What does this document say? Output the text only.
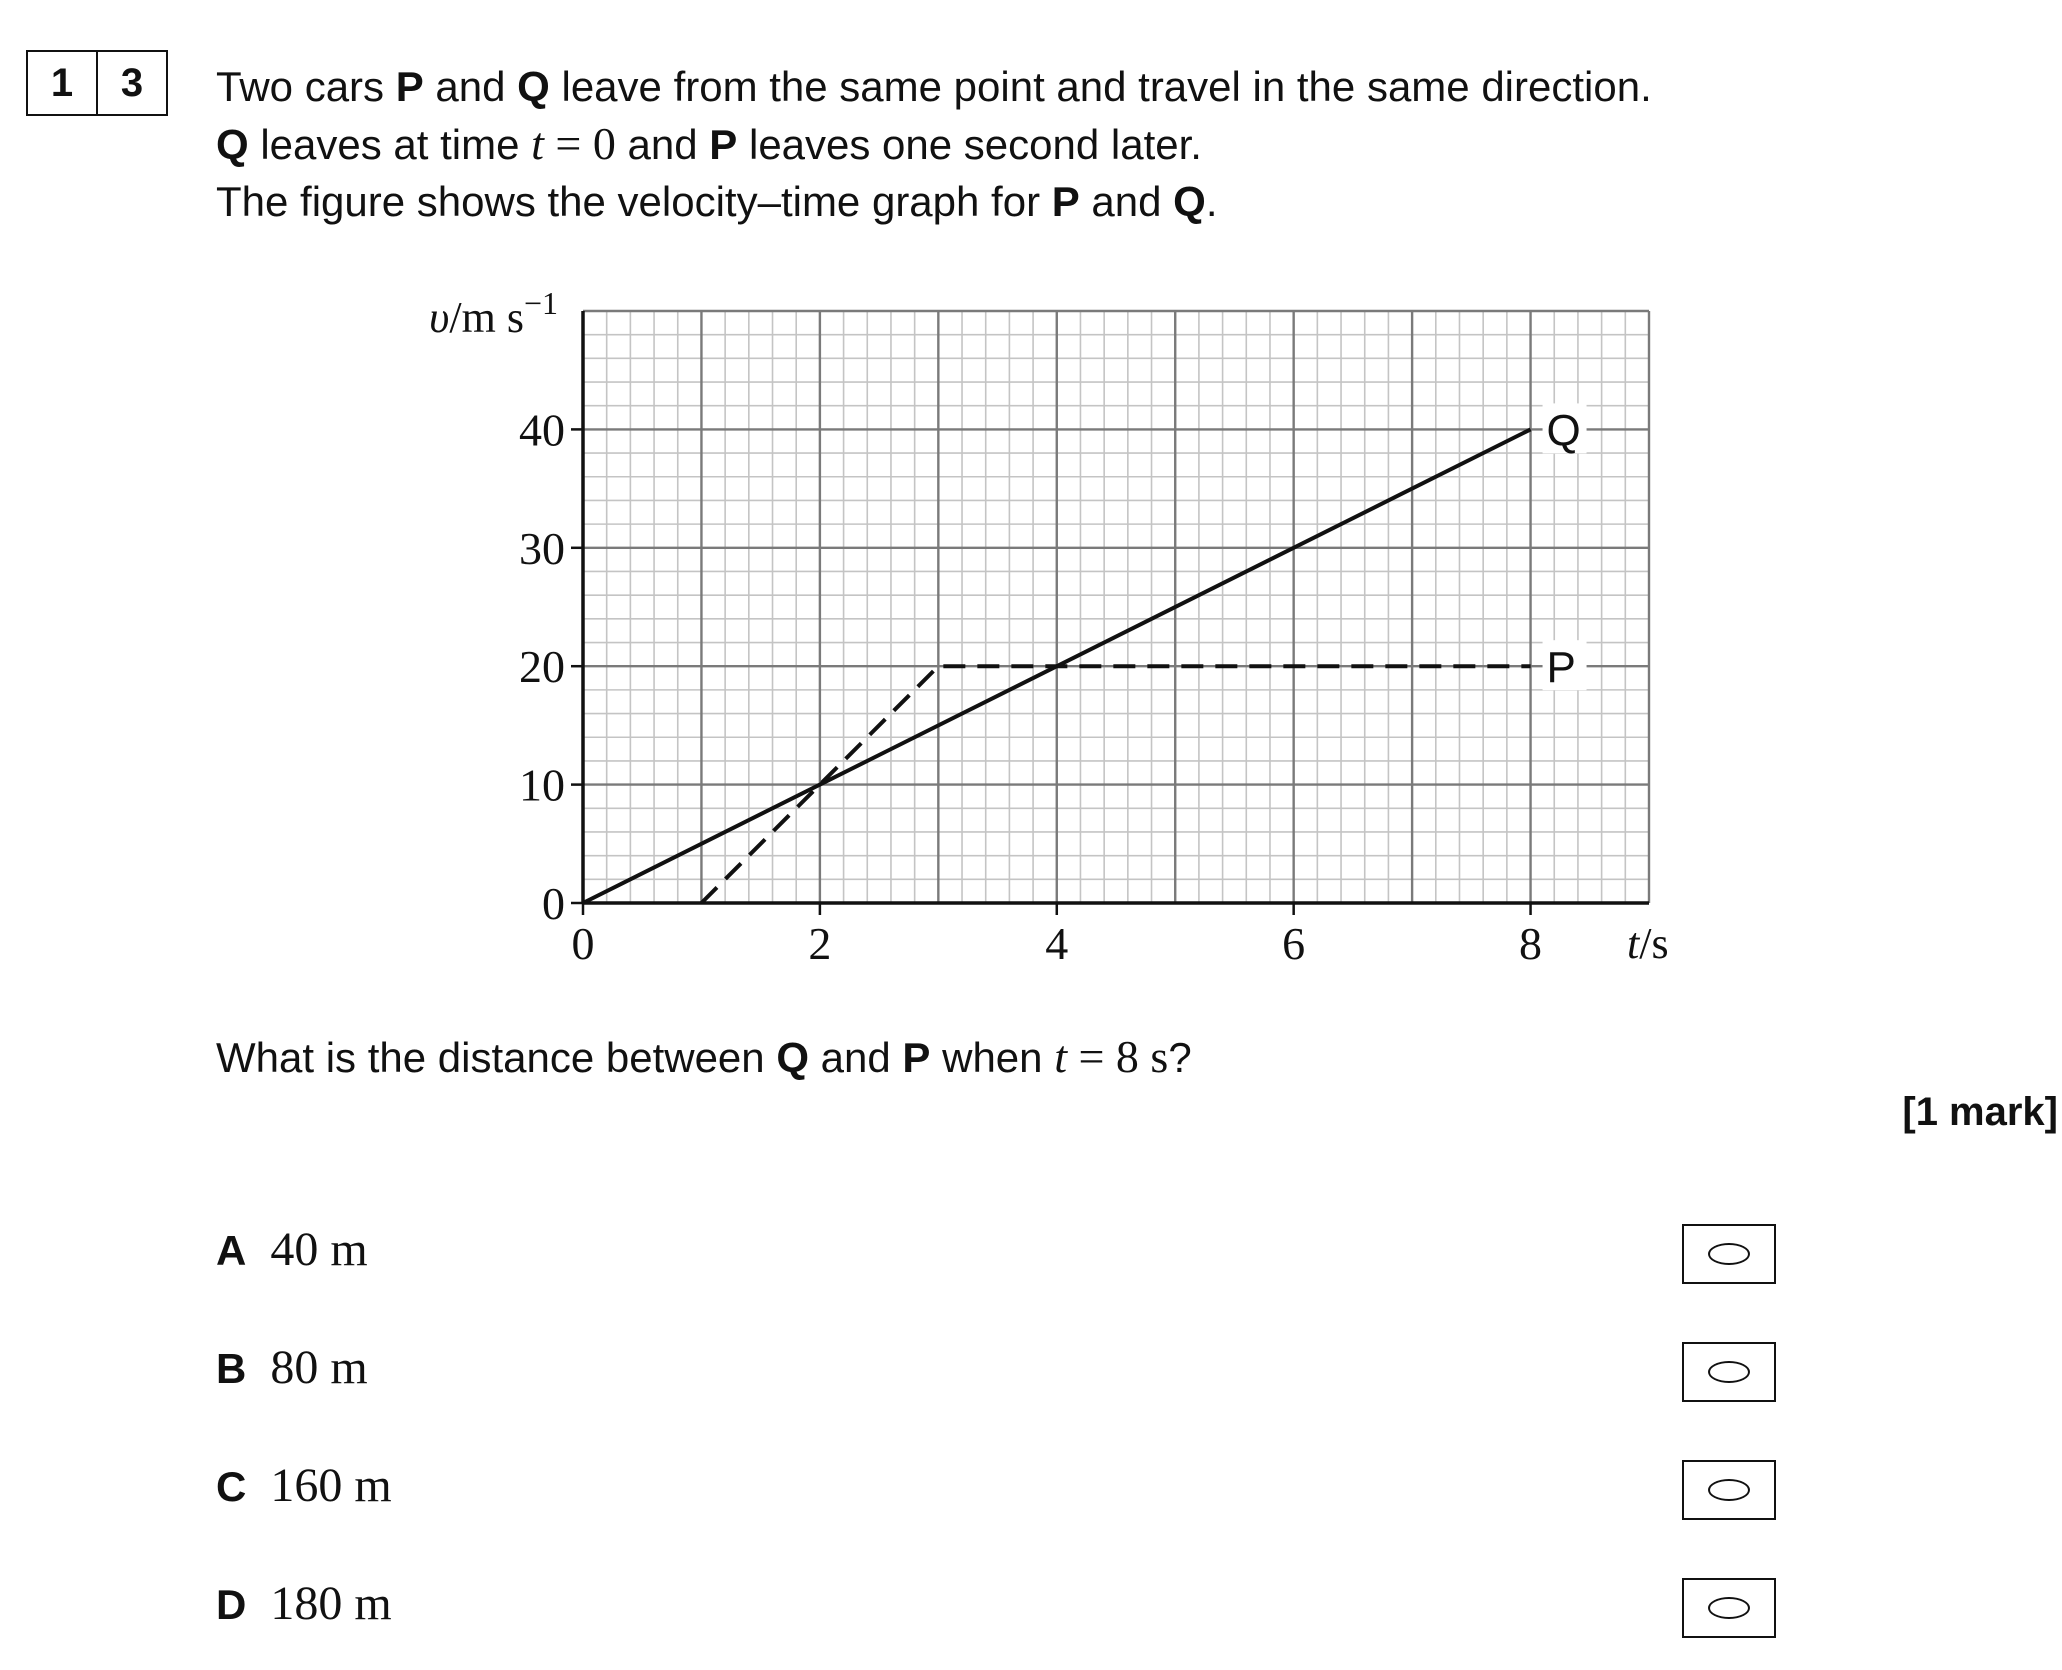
1	3	Two cars P and Q leave from the same point and travel in the same direction.

Q leaves at time t = 0 and P leaves one second later.

The figure shows the velocity–time graph for P and Q.

Q
P
υ/m $s^{-1}$
t/s
0	2	4	6	8
0
10
20
30
40
What is the distance between Q and P when t = 8 s?
[1 mark]
A 40 m
B 80 m
C 160 m
D 180 m
